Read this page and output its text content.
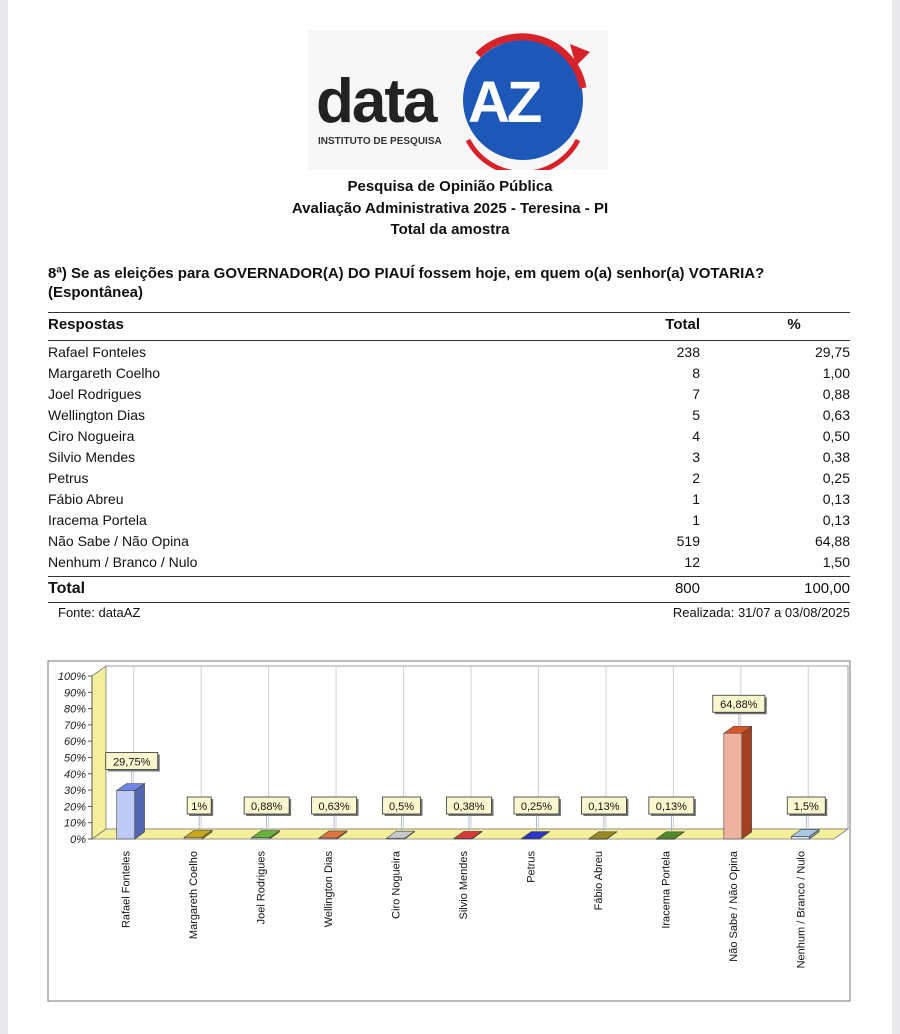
data AZ
INSTITUTO DE PESQUISA
Pesquisa de Opinião Pública
Avaliação Administrativa 2025 - Teresina - PI
Total da amostra
8ª) Se as eleições para GOVERNADOR(A) DO PIAUÍ fossem hoje, em quem o(a) senhor(a) VOTARIA?
(Espontânea)
Respostas	Total	%
Rafael Fonteles	238	29,75
Margareth Coelho	8	1,00
Joel Rodrigues	7	0,88
Wellington Dias	5	0,63
Ciro Nogueira	4	0,50
Silvio Mendes	3	0,38
Petrus	2	0,25
Fábio Abreu	1	0,13
Iracema Portela	1	0,13
Não Sabe / Não Opina	519	64,88
Nenhum / Branco / Nulo	12	1,50
Total	800	100,00
Fonte: dataAZ	Realizada: 31/07 a 03/08/2025
0%
10%
20%
30%
40%
50%
60%
70%
80%
90%
100%
29,75%
Rafael Fonteles
1%
Margareth Coelho
0,88%
Joel Rodrigues
0,63%
Wellington Dias
0,5%
Ciro Nogueira
0,38%
Silvio Mendes
0,25%
Petrus
0,13%
Fábio Abreu
0,13%
Iracema Portela
64,88%
Não Sabe / Não Opina
1,5%
Nenhum / Branco / Nulo
